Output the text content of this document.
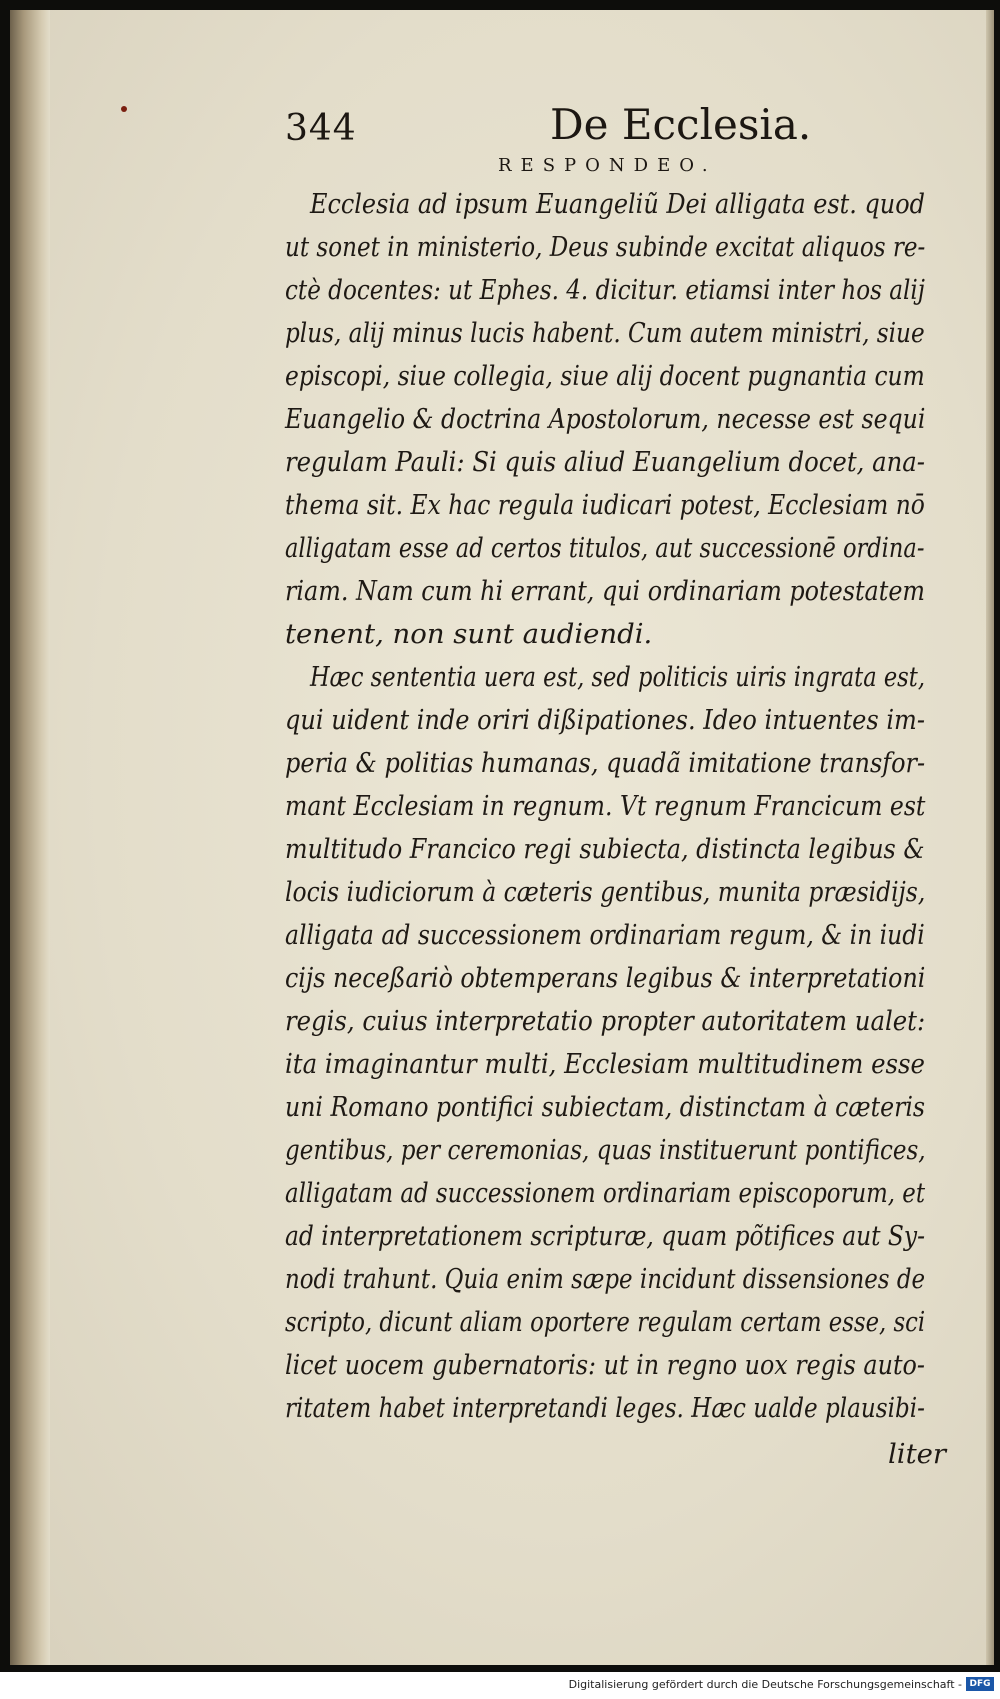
344	De Ecclesia.
RESPONDEO.
Ecclesia ad ipsum Euangeliũ Dei alligata est. quod
ut sonet in ministerio, Deus subinde excitat aliquos re-
ctè docentes: ut Ephes. 4. dicitur. etiamsi inter hos alij
plus, alij minus lucis habent. Cum autem ministri, siue
episcopi, siue collegia, siue alij docent pugnantia cum
Euangelio & doctrina Apostolorum, necesse est sequi
regulam Pauli: Si quis aliud Euangelium docet, ana-
thema sit. Ex hac regula iudicari potest, Ecclesiam nō
alligatam esse ad certos titulos, aut successionē ordina-
riam. Nam cum hi errant, qui ordinariam potestatem
tenent, non sunt audiendi.
Hæc sententia uera est, sed politicis uiris ingrata est,
qui uident inde oriri dißipationes. Ideo intuentes im-
peria & politias humanas, quadã imitatione transfor-
mant Ecclesiam in regnum. Vt regnum Francicum est
multitudo Francico regi subiecta, distincta legibus &
locis iudiciorum à cæteris gentibus, munita præsidijs,
alligata ad successionem ordinariam regum, & in iudi
cijs neceßariò obtemperans legibus & interpretationi
regis, cuius interpretatio propter autoritatem ualet:
ita imaginantur multi, Ecclesiam multitudinem esse
uni Romano pontifici subiectam, distinctam à cæteris
gentibus, per ceremonias, quas instituerunt pontifices,
alligatam ad successionem ordinariam episcoporum, et
ad interpretationem scripturæ, quam põtifices aut Sy-
nodi trahunt. Quia enim sæpe incidunt dissensiones de
scripto, dicunt aliam oportere regulam certam esse, sci
licet uocem gubernatoris: ut in regno uox regis auto-
ritatem habet interpretandi leges. Hæc ualde plausibi-
liter
Digitalisierung gefördert durch die Deutsche Forschungsgemeinschaft - DFG
